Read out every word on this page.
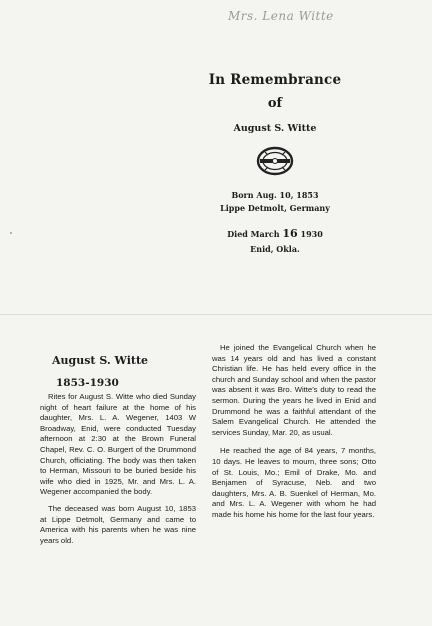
Mrs. Lena Witte
In Remembrance
of
August S. Witte
Born Aug. 10, 1853
Lippe Detmolt, Germany
Died March 16 1930
Enid, Okla.
August S. Witte
1853-1930

Rites for August S. Witte who died Sunday night of heart failure at the home of his daughter, Mrs. L. A. Wegener, 1403 W Broadway, Enid, were conducted Tuesday afternoon at 2:30 at the Brown Funeral Chapel, Rev. C. O. Burgert of the Drummond Church, officiating. The body was then taken to Herman, Missouri to be buried beside his wife who died in 1925, Mr. and Mrs. L. A. Wegener accompanied the body.

The deceased was born August 10, 1853 at Lippe Detmolt, Germany and came to America with his parents when he was nine years old.

He joined the Evangelical Church when he was 14 years old and has lived a constant Christian life. He has held every office in the church and Sunday school and when the pastor was absent it was Bro. Witte's duty to read the sermon. During the years he lived in Enid and Drummond he was a faithful attendant of the Salem Evangelical Church. He attended the services Sunday, Mar. 20, as usual.

He reached the age of 84 years, 7 months, 10 days. He leaves to mourn, three sons; Otto of St. Louis, Mo.; Emil of Drake, Mo. and Benjamen of Syracuse, Neb. and two daughters, Mrs. A. B. Suenkel of Herman, Mo. and Mrs. L. A. Wegener with whom he had made his home his home for the last four years.
